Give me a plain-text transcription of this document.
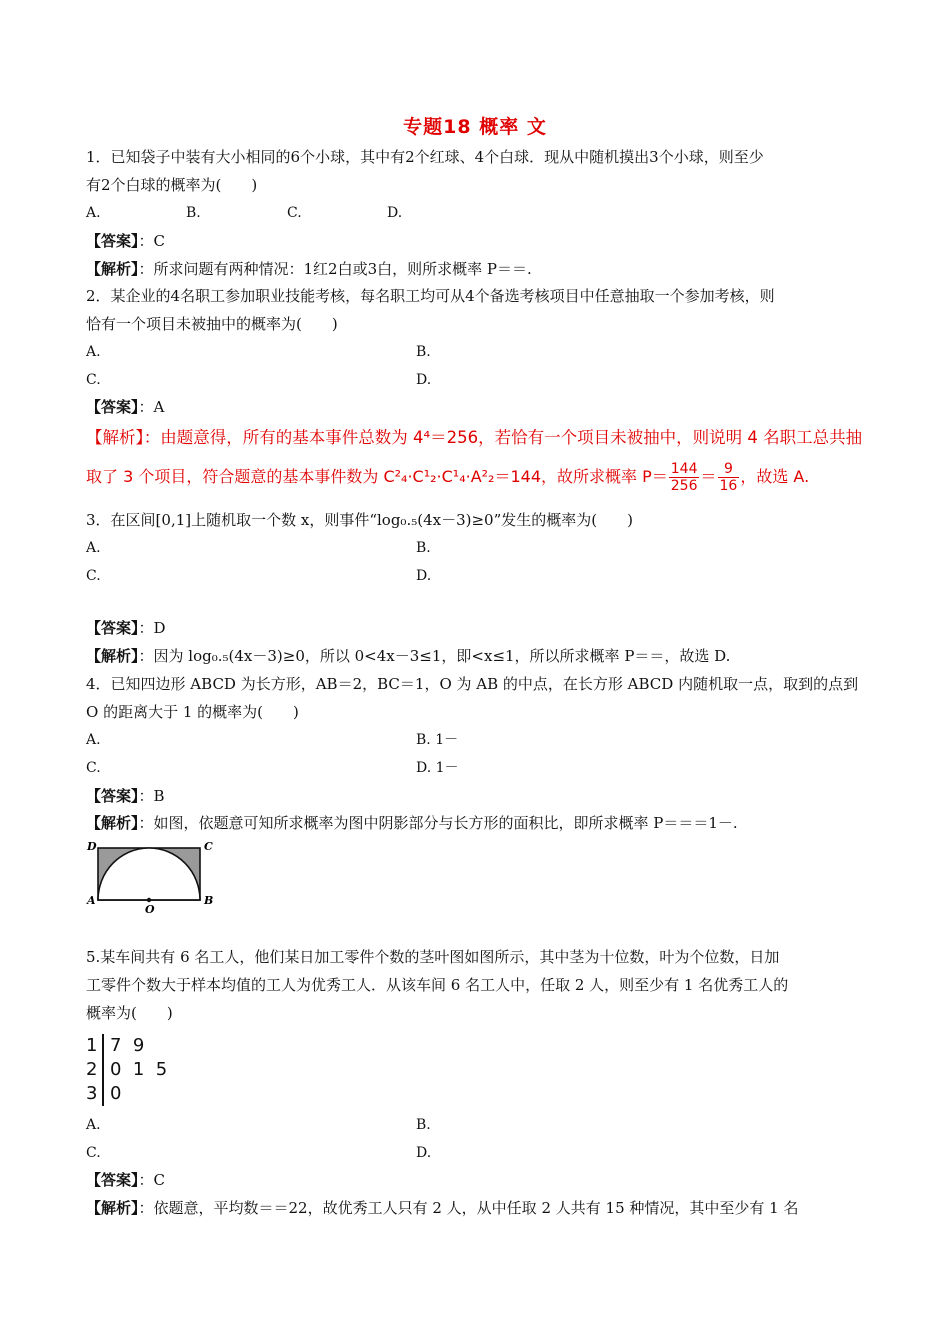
专题18 概率 文
1．已知袋子中装有大小相同的6个小球，其中有2个红球、4个白球．现从中随机摸出3个小球，则至少
有2个白球的概率为(　　)
A.	B.	C.	D.
【答案】：C
【解析】：所求问题有两种情况：1红2白或3白，则所求概率 P＝＝.
2．某企业的4名职工参加职业技能考核，每名职工均可从4个备选考核项目中任意抽取一个参加考核，则
恰有一个项目未被抽中的概率为(　　)
A.	B.
C.	D.
【答案】：A
【解析】：由题意得，所有的基本事件总数为 4⁴＝256，若恰有一个项目未被抽中，则说明 4 名职工总共抽
取了 3 个项目，符合题意的基本事件数为 C²₄·C¹₂·C¹₄·A²₂＝144，故所求概率 $P= \frac{144}{256} = \frac{9}{16}$ ，故选 A.
3．在区间[0,1]上随机取一个数 x，则事件“log₀.₅(4x－3)≥0”发生的概率为(　　)
A.	B.
C.	D.
【答案】：D
【解析】：因为 log₀.₅(4x－3)≥0，所以 0<4x－3≤1，即<x≤1，所以所求概率 P＝＝，故选 D.
4．已知四边形 ABCD 为长方形，AB＝2，BC＝1，O 为 AB 的中点，在长方形 ABCD 内随机取一点，取到的点到
O 的距离大于 1 的概率为(　　)
A.	B. 1－
C.	D. 1－
【答案】：B
【解析】：如图，依题意可知所求概率为图中阴影部分与长方形的面积比，即所求概率 P＝＝＝1－.
D	C
A	B
O
5.某车间共有 6 名工人，他们某日加工零件个数的茎叶图如图所示，其中茎为十位数，叶为个位数，日加
工零件个数大于样本均值的工人为优秀工人．从该车间 6 名工人中，任取 2 人，则至少有 1 名优秀工人的
概率为(　　)
1 7  9
2 0  1  5
3 0
A.	B.
C.	D.
【答案】：C
【解析】：依题意，平均数＝＝22，故优秀工人只有 2 人，从中任取 2 人共有 15 种情况，其中至少有 1 名
